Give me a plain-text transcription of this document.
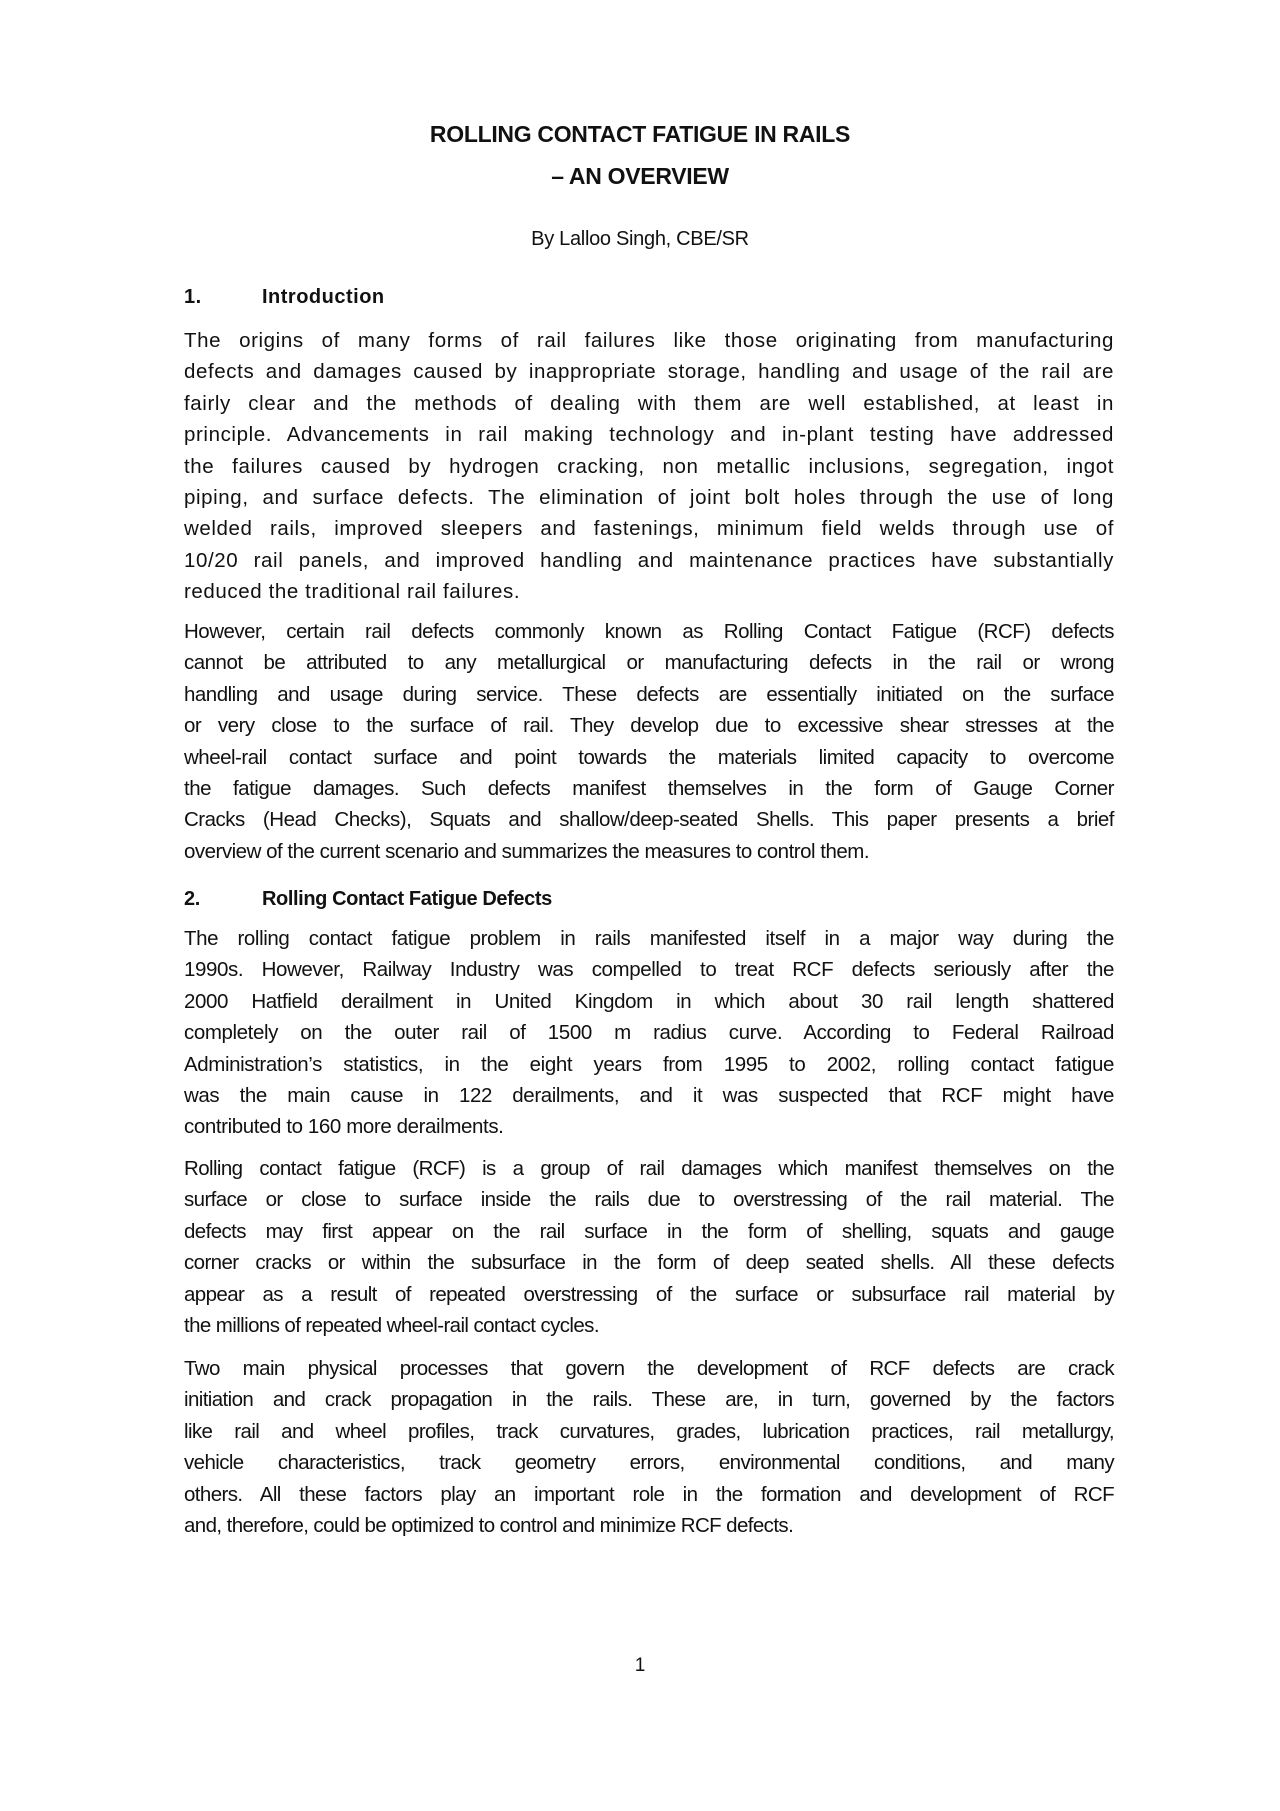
ROLLING CONTACT FATIGUE IN RAILS
– AN OVERVIEW
By Lalloo Singh, CBE/SR
1.	Introduction
The origins of many forms of rail failures like those originating from manufacturing
defects and damages caused by inappropriate storage, handling and usage of the rail are
fairly clear and the methods of dealing with them are well established, at least in
principle. Advancements in rail making technology and in-plant testing have addressed
the failures caused by hydrogen cracking, non metallic inclusions, segregation, ingot
piping, and surface defects. The elimination of joint bolt holes through the use of long
welded rails, improved sleepers and fastenings, minimum field welds through use of
10/20 rail panels, and improved handling and maintenance practices have substantially
reduced the traditional rail failures.
However, certain rail defects commonly known as Rolling Contact Fatigue (RCF) defects
cannot be attributed to any metallurgical or manufacturing defects in the rail or wrong
handling and usage during service. These defects are essentially initiated on the surface
or very close to the surface of rail. They develop due to excessive shear stresses at the
wheel-rail contact surface and point towards the materials limited capacity to overcome
the fatigue damages. Such defects manifest themselves in the form of Gauge Corner
Cracks (Head Checks), Squats and shallow/deep-seated Shells. This paper presents a brief
overview of the current scenario and summarizes the measures to control them.
2.	Rolling Contact Fatigue Defects
The rolling contact fatigue problem in rails manifested itself in a major way during the
1990s. However, Railway Industry was compelled to treat RCF defects seriously after the
2000 Hatfield derailment in United Kingdom in which about 30 rail length shattered
completely on the outer rail of 1500 m radius curve. According to Federal Railroad
Administration’s statistics, in the eight years from 1995 to 2002, rolling contact fatigue
was the main cause in 122 derailments, and it was suspected that RCF might have
contributed to 160 more derailments.
Rolling contact fatigue (RCF) is a group of rail damages which manifest themselves on the
surface or close to surface inside the rails due to overstressing of the rail material. The
defects may first appear on the rail surface in the form of shelling, squats and gauge
corner cracks or within the subsurface in the form of deep seated shells. All these defects
appear as a result of repeated overstressing of the surface or subsurface rail material by
the millions of repeated wheel-rail contact cycles.
Two main physical processes that govern the development of RCF defects are crack
initiation and crack propagation in the rails. These are, in turn, governed by the factors
like rail and wheel profiles, track curvatures, grades, lubrication practices, rail metallurgy,
vehicle characteristics, track geometry errors, environmental conditions, and many
others. All these factors play an important role in the formation and development of RCF
and, therefore, could be optimized to control and minimize RCF defects.
1
